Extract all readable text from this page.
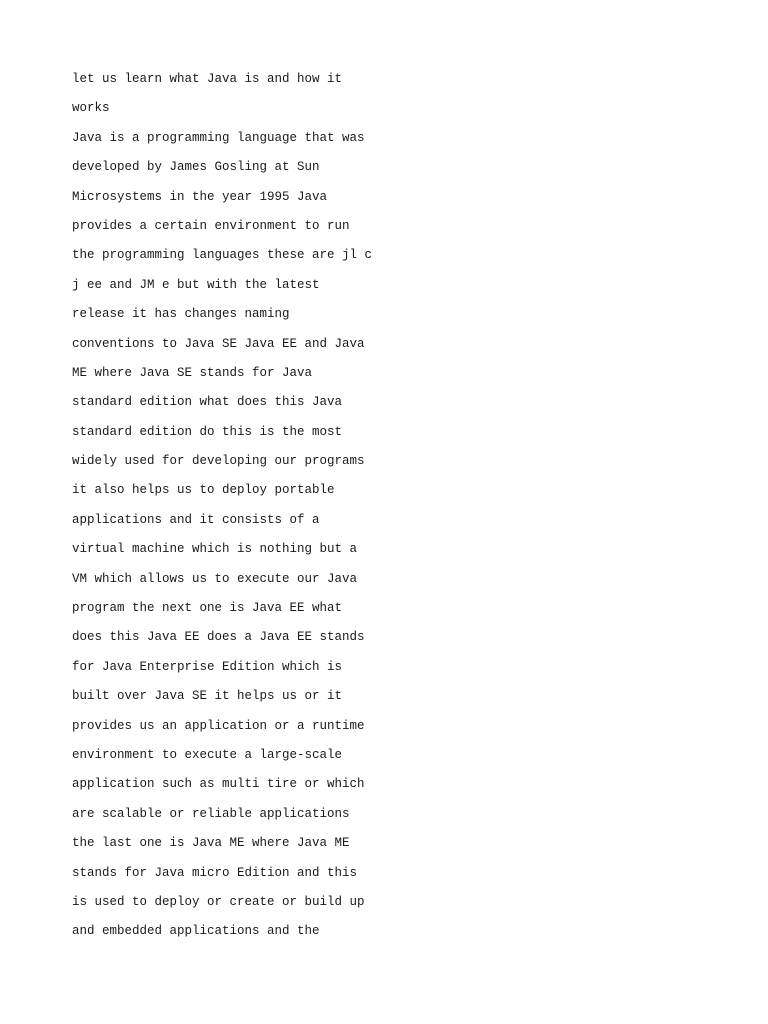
let us learn what Java is and how it
works
Java is a programming language that was
developed by James Gosling at Sun
Microsystems in the year 1995 Java
provides a certain environment to run
the programming languages these are jl c
j ee and JM e but with the latest
release it has changes naming
conventions to Java SE Java EE and Java
ME where Java SE stands for Java
standard edition what does this Java
standard edition do this is the most
widely used for developing our programs
it also helps us to deploy portable
applications and it consists of a
virtual machine which is nothing but a
VM which allows us to execute our Java
program the next one is Java EE what
does this Java EE does a Java EE stands
for Java Enterprise Edition which is
built over Java SE it helps us or it
provides us an application or a runtime
environment to execute a large-scale
application such as multi tire or which
are scalable or reliable applications
the last one is Java ME where Java ME
stands for Java micro Edition and this
is used to deploy or create or build up
and embedded applications and the
